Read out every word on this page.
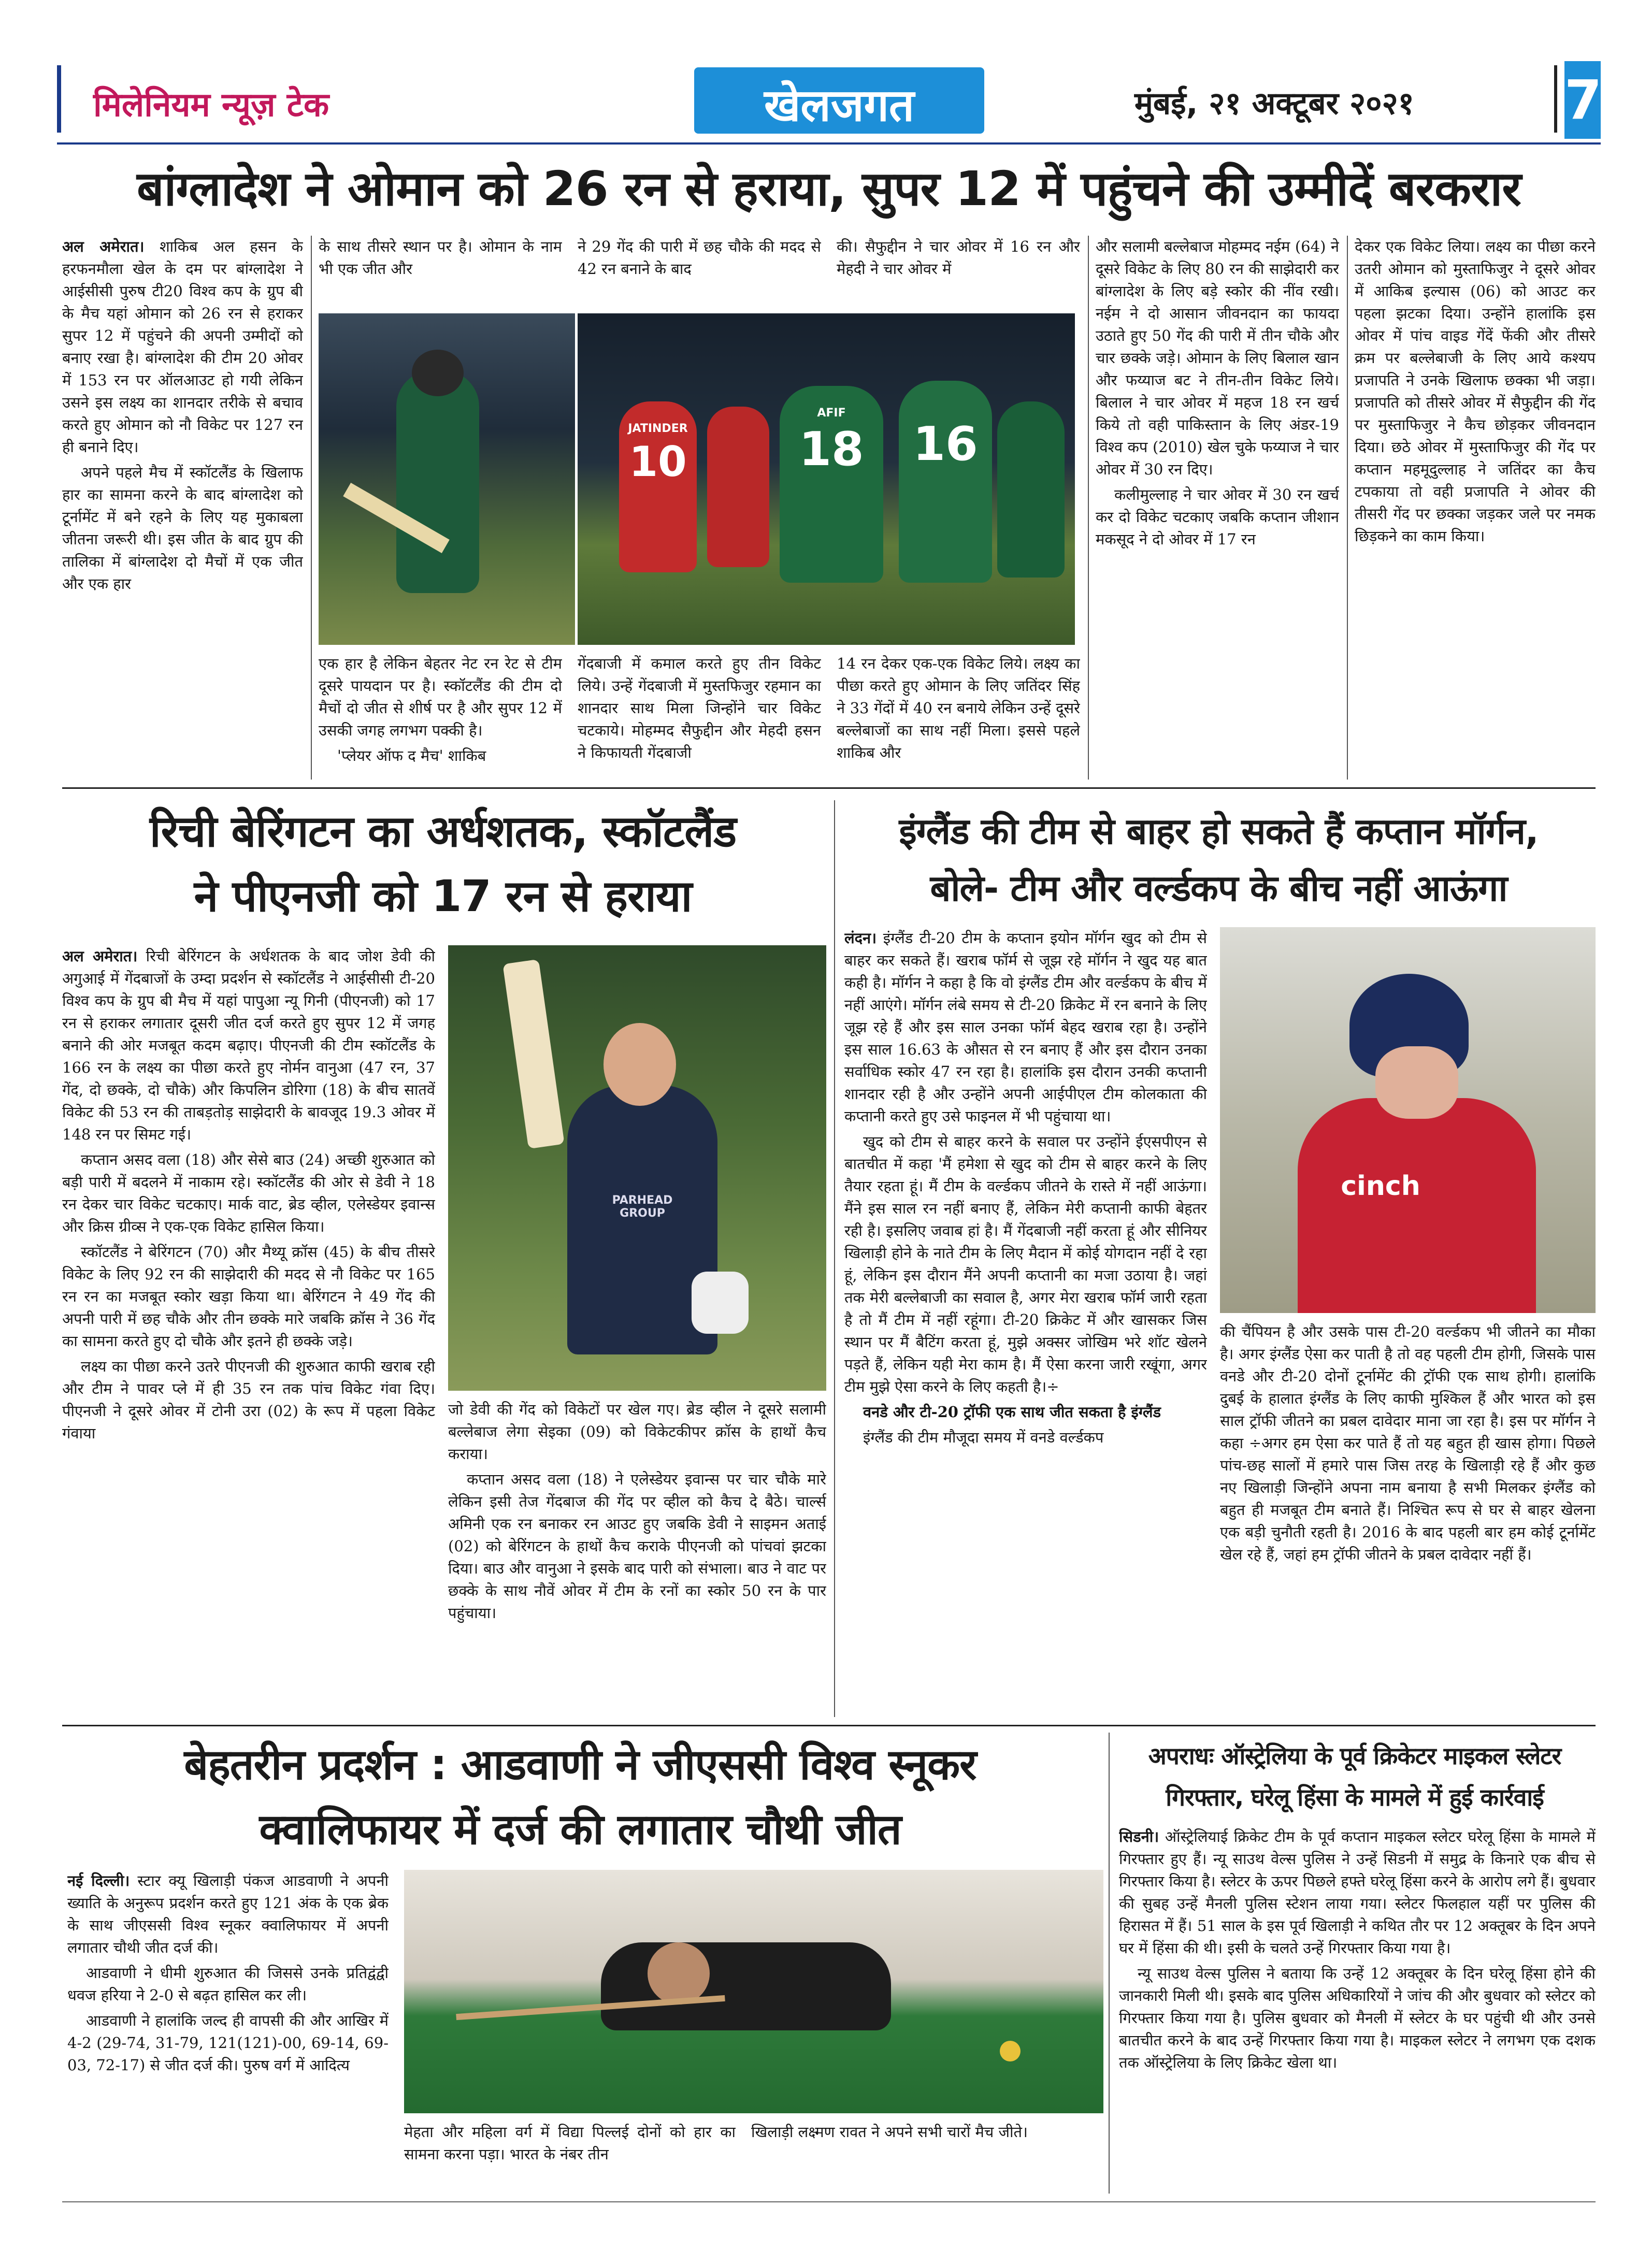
मिलेनियम न्यूज़ टेक	खेलजगत	मुंबई, २१ अक्टूबर २०२१	7
बांग्लादेश ने ओमान को 26 रन से हराया, सुपर 12 में पहुंचने की उम्मीदें बरकरार

अल अमेरात। शाकिब अल हसन के हरफनमौला खेल के दम पर बांग्लादेश ने आईसीसी पुरुष टी20 विश्व कप के ग्रुप बी के मैच यहां ओमान को 26 रन से हराकर सुपर 12 में पहुंचने की अपनी उम्मीदों को बनाए रखा है। बांग्लादेश की टीम 20 ओवर में 153 रन पर ऑलआउट हो गयी लेकिन उसने इस लक्ष्य का शानदार तरीके से बचाव करते हुए ओमान को नौ विकेट पर 127 रन ही बनाने दिए।

अपने पहले मैच में स्कॉटलैंड के खिलाफ हार का सामना करने के बाद बांग्लादेश को टूर्नामेंट में बने रहने के लिए यह मुकाबला जीतना जरूरी थी। इस जीत के बाद ग्रुप की तालिका में बांग्लादेश दो मैचों में एक जीत और एक हार

के साथ तीसरे स्थान पर है। ओमान के नाम भी एक जीत और
ने 29 गेंद की पारी में छह चौके की मदद से 42 रन बनाने के बाद
की। सैफुद्दीन ने चार ओवर में 16 रन और मेहदी ने चार ओवर में
JATINDER
10
AFIF
18	16

एक हार है लेकिन बेहतर नेट रन रेट से टीम दूसरे पायदान पर है। स्कॉटलैंड की टीम दो मैचों दो जीत से शीर्ष पर है और सुपर 12 में उसकी जगह लगभग पक्की है।

'प्लेयर ऑफ द मैच' शाकिब

गेंदबाजी में कमाल करते हुए तीन विकेट लिये। उन्हें गेंदबाजी में मुस्तफिजुर रहमान का शानदार साथ मिला जिन्होंने चार विकेट चटकाये। मोहम्मद सैफुद्दीन और मेहदी हसन ने किफायती गेंदबाजी
14 रन देकर एक-एक विकेट लिये। लक्ष्य का पीछा करते हुए ओमान के लिए जतिंदर सिंह ने 33 गेंदों में 40 रन बनाये लेकिन उन्हें दूसरे बल्लेबाजों का साथ नहीं मिला। इससे पहले शाकिब और

और सलामी बल्लेबाज मोहम्मद नईम (64) ने दूसरे विकेट के लिए 80 रन की साझेदारी कर बांग्लादेश के लिए बड़े स्कोर की नींव रखी। नईम ने दो आसान जीवनदान का फायदा उठाते हुए 50 गेंद की पारी में तीन चौके और चार छक्के जड़े। ओमान के लिए बिलाल खान और फय्याज बट ने तीन-तीन विकेट लिये। बिलाल ने चार ओवर में महज 18 रन खर्च किये तो वही पाकिस्तान के लिए अंडर-19 विश्व कप (2010) खेल चुके फय्याज ने चार ओवर में 30 रन दिए।

कलीमुल्लाह ने चार ओवर में 30 रन खर्च कर दो विकेट चटकाए जबकि कप्तान जीशान मकसूद ने दो ओवर में 17 रन

देकर एक विकेट लिया। लक्ष्य का पीछा करने उतरी ओमान को मुस्ताफिजुर ने दूसरे ओवर में आकिब इल्यास (06) को आउट कर पहला झटका दिया। उन्होंने हालांकि इस ओवर में पांच वाइड गेंदें फेंकी और तीसरे क्रम पर बल्लेबाजी के लिए आये कश्यप प्रजापति ने उनके खिलाफ छक्का भी जड़ा। प्रजापति को तीसरे ओवर में सैफुद्दीन की गेंद पर मुस्ताफिजुर ने कैच छोड़कर जीवनदान दिया। छठे ओवर में मुस्ताफिजुर की गेंद पर कप्तान महमूदुल्लाह ने जतिंदर का कैच टपकाया तो वही प्रजापति ने ओवर की तीसरी गेंद पर छक्का जड़कर जले पर नमक छिड़कने का काम किया।
रिची बेरिंगटन का अर्धशतक, स्कॉटलैंड
ने पीएनजी को 17 रन से हराया

अल अमेरात। रिची बेरिंगटन के अर्धशतक के बाद जोश डेवी की अगुआई में गेंदबाजों के उम्दा प्रदर्शन से स्कॉटलैंड ने आईसीसी टी-20 विश्व कप के ग्रुप बी मैच में यहां पापुआ न्यू गिनी (पीएनजी) को 17 रन से हराकर लगातार दूसरी जीत दर्ज करते हुए सुपर 12 में जगह बनाने की ओर मजबूत कदम बढ़ाए। पीएनजी की टीम स्कॉटलैंड के 166 रन के लक्ष्य का पीछा करते हुए नोर्मन वानुआ (47 रन, 37 गेंद, दो छक्के, दो चौके) और किपलिन डोरिगा (18) के बीच सातवें विकेट की 53 रन की ताबड़तोड़ साझेदारी के बावजूद 19.3 ओवर में 148 रन पर सिमट गई।

कप्तान असद वला (18) और सेसे बाउ (24) अच्छी शुरुआत को बड़ी पारी में बदलने में नाकाम रहे। स्कॉटलैंड की ओर से डेवी ने 18 रन देकर चार विकेट चटकाए। मार्क वाट, ब्रेड व्हील, एलेस्डेयर इवान्स और क्रिस ग्रीव्स ने एक-एक विकेट हासिल किया।

स्कॉटलैंड ने बेरिंगटन (70) और मैथ्यू क्रॉस (45) के बीच तीसरे विकेट के लिए 92 रन की साझेदारी की मदद से नौ विकेट पर 165 रन रन का मजबूत स्कोर खड़ा किया था। बेरिंगटन ने 49 गेंद की अपनी पारी में छह चौके और तीन छक्के मारे जबकि क्रॉस ने 36 गेंद का सामना करते हुए दो चौके और इतने ही छक्के जड़े।

लक्ष्य का पीछा करने उतरे पीएनजी की शुरुआत काफी खराब रही और टीम ने पावर प्ले में ही 35 रन तक पांच विकेट गंवा दिए। पीएनजी ने दूसरे ओवर में टोनी उरा (02) के रूप में पहला विकेट गंवाया

PARHEAD GROUP

जो डेवी की गेंद को विकेटों पर खेल गए। ब्रेड व्हील ने दूसरे सलामी बल्लेबाज लेगा सेइका (09) को विकेटकीपर क्रॉस के हाथों कैच कराया।

कप्तान असद वला (18) ने एलेस्डेयर इवान्स पर चार चौके मारे लेकिन इसी तेज गेंदबाज की गेंद पर व्हील को कैच दे बैठे। चार्ल्स अमिनी एक रन बनाकर रन आउट हुए जबकि डेवी ने साइमन अताई (02) को बेरिंगटन के हाथों कैच कराके पीएनजी को पांचवां झटका दिया। बाउ और वानुआ ने इसके बाद पारी को संभाला। बाउ ने वाट पर छक्के के साथ नौवें ओवर में टीम के रनों का स्कोर 50 रन के पार पहुंचाया।

इंग्लैंड की टीम से बाहर हो सकते हैं कप्तान मॉर्गन,
बोले- टीम और वर्ल्डकप के बीच नहीं आऊंगा

लंदन। इंग्लैंड टी-20 टीम के कप्तान इयोन मॉर्गन खुद को टीम से बाहर कर सकते हैं। खराब फॉर्म से जूझ रहे मॉर्गन ने खुद यह बात कही है। मॉर्गन ने कहा है कि वो इंग्लैंड टीम और वर्ल्डकप के बीच में नहीं आएंगे। मॉर्गन लंबे समय से टी-20 क्रिकेट में रन बनाने के लिए जूझ रहे हैं और इस साल उनका फॉर्म बेहद खराब रहा है। उन्होंने इस साल 16.63 के औसत से रन बनाए हैं और इस दौरान उनका सर्वाधिक स्कोर 47 रन रहा है। हालांकि इस दौरान उनकी कप्तानी शानदार रही है और उन्होंने अपनी आईपीएल टीम कोलकाता की कप्तानी करते हुए उसे फाइनल में भी पहुंचाया था।

खुद को टीम से बाहर करने के सवाल पर उन्होंने ईएसपीएन से बातचीत में कहा 'मैं हमेशा से खुद को टीम से बाहर करने के लिए तैयार रहता हूं। मैं टीम के वर्ल्डकप जीतने के रास्ते में नहीं आऊंगा। मैंने इस साल रन नहीं बनाए हैं, लेकिन मेरी कप्तानी काफी बेहतर रही है। इसलिए जवाब हां है। मैं गेंदबाजी नहीं करता हूं और सीनियर खिलाड़ी होने के नाते टीम के लिए मैदान में कोई योगदान नहीं दे रहा हूं, लेकिन इस दौरान मैंने अपनी कप्तानी का मजा उठाया है। जहां तक मेरी बल्लेबाजी का सवाल है, अगर मेरा खराब फॉर्म जारी रहता है तो मैं टीम में नहीं रहूंगा। टी-20 क्रिकेट में और खासकर जिस स्थान पर मैं बैटिंग करता हूं, मुझे अक्सर जोखिम भरे शॉट खेलने पड़ते हैं, लेकिन यही मेरा काम है। मैं ऐसा करना जारी रखूंगा, अगर टीम मुझे ऐसा करने के लिए कहती है।÷

वनडे और टी-20 ट्रॉफी एक साथ जीत सकता है इंग्लैंड

इंग्लैंड की टीम मौजूदा समय में वनडे वर्ल्डकप

cinch
की चैंपियन है और उसके पास टी-20 वर्ल्डकप भी जीतने का मौका है। अगर इंग्लैंड ऐसा कर पाती है तो वह पहली टीम होगी, जिसके पास वनडे और टी-20 दोनों टूर्नामेंट की ट्रॉफी एक साथ होगी। हालांकि दुबई के हालात इंग्लैंड के लिए काफी मुश्किल हैं और भारत को इस साल ट्रॉफी जीतने का प्रबल दावेदार माना जा रहा है। इस पर मॉर्गन ने कहा ÷अगर हम ऐसा कर पाते हैं तो यह बहुत ही खास होगा। पिछले पांच-छह सालों में हमारे पास जिस तरह के खिलाड़ी रहे हैं और कुछ नए खिलाड़ी जिन्होंने अपना नाम बनाया है सभी मिलकर इंग्लैंड को बहुत ही मजबूत टीम बनाते हैं। निश्चित रूप से घर से बाहर खेलना एक बड़ी चुनौती रहती है। 2016 के बाद पहली बार हम कोई टूर्नामेंट खेल रहे हैं, जहां हम ट्रॉफी जीतने के प्रबल दावेदार नहीं हैं।
बेहतरीन प्रदर्शन : आडवाणी ने जीएससी विश्व स्नूकर
क्वालिफायर में दर्ज की लगातार चौथी जीत

नई दिल्ली। स्टार क्यू खिलाड़ी पंकज आडवाणी ने अपनी ख्याति के अनुरूप प्रदर्शन करते हुए 121 अंक के एक ब्रेक के साथ जीएससी विश्व स्नूकर क्वालिफायर में अपनी लगातार चौथी जीत दर्ज की।

आडवाणी ने धीमी शुरुआत की जिससे उनके प्रतिद्वंद्वी धवज हरिया ने 2-0 से बढ़त हासिल कर ली।

आडवाणी ने हालांकि जल्द ही वापसी की और आखिर में 4-2 (29-74, 31-79, 121(121)-00, 69-14, 69-03, 72-17) से जीत दर्ज की। पुरुष वर्ग में आदित्य

मेहता और महिला वर्ग में विद्या पिल्लई दोनों को हार का सामना करना पड़ा। भारत के नंबर तीन
खिलाड़ी लक्ष्मण रावत ने अपने सभी चारों मैच जीते।
अपराधः ऑस्ट्रेलिया के पूर्व क्रिकेटर माइकल स्लेटर
गिरफ्तार, घरेलू हिंसा के मामले में हुई कार्रवाई

सिडनी। ऑस्ट्रेलियाई क्रिकेट टीम के पूर्व कप्तान माइकल स्लेटर घरेलू हिंसा के मामले में गिरफ्तार हुए हैं। न्यू साउथ वेल्स पुलिस ने उन्हें सिडनी में समुद्र के किनारे एक बीच से गिरफ्तार किया है। स्लेटर के ऊपर पिछले हफ्ते घरेलू हिंसा करने के आरोप लगे हैं। बुधवार की सुबह उन्हें मैनली पुलिस स्टेशन लाया गया। स्लेटर फिलहाल यहीं पर पुलिस की हिरासत में हैं। 51 साल के इस पूर्व खिलाड़ी ने कथित तौर पर 12 अक्तूबर के दिन अपने घर में हिंसा की थी। इसी के चलते उन्हें गिरफ्तार किया गया है।

न्यू साउथ वेल्स पुलिस ने बताया कि उन्हें 12 अक्तूबर के दिन घरेलू हिंसा होने की जानकारी मिली थी। इसके बाद पुलिस अधिकारियों ने जांच की और बुधवार को स्लेटर को गिरफ्तार किया गया है। पुलिस बुधवार को मैनली में स्लेटर के घर पहुंची थी और उनसे बातचीत करने के बाद उन्हें गिरफ्तार किया गया है। माइकल स्लेटर ने लगभग एक दशक तक ऑस्ट्रेलिया के लिए क्रिकेट खेला था।
